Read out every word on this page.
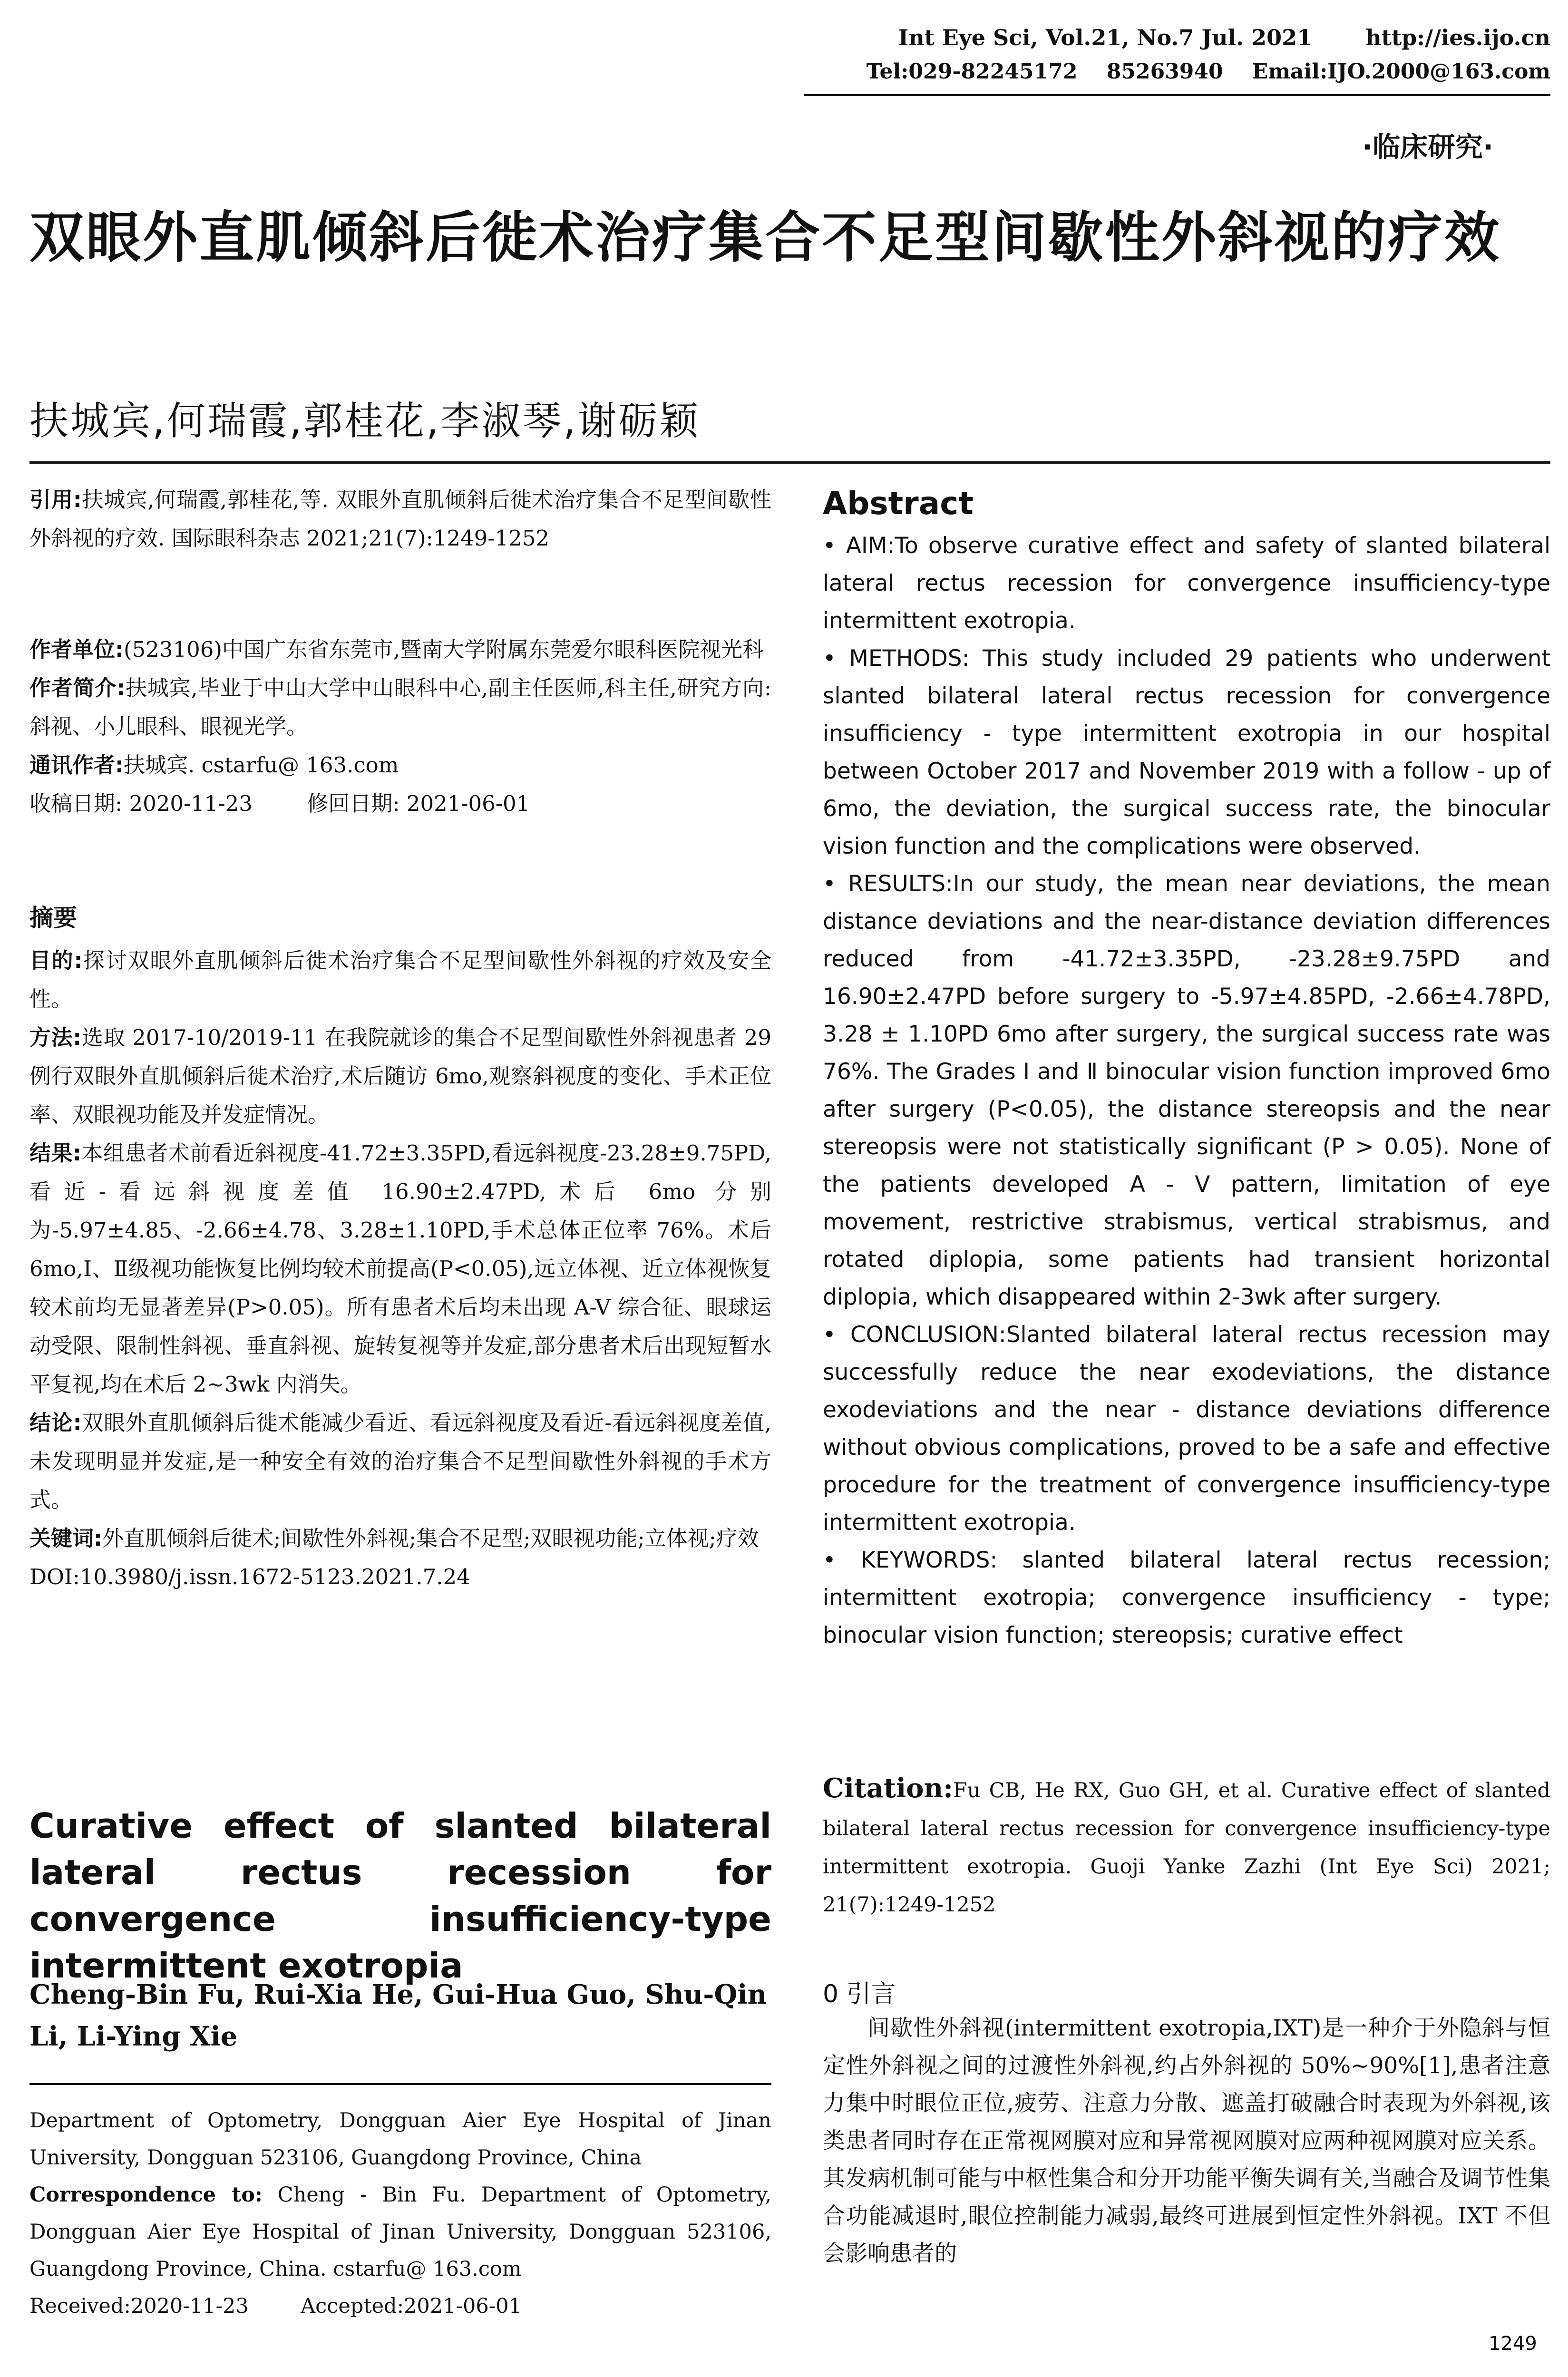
Int Eye Sci, Vol.21, No.7 Jul. 2021       http://ies.ijo.cn
Tel:029-82245172    85263940    Email:IJO.2000@163.com
·临床研究·
双眼外直肌倾斜后徙术治疗集合不足型间歇性外斜视的疗效
扶城宾,何瑞霞,郭桂花,李淑琴,谢砺颖
引用:扶城宾,何瑞霞,郭桂花,等. 双眼外直肌倾斜后徙术治疗集合不足型间歇性外斜视的疗效. 国际眼科杂志 2021;21(7):1249-1252

作者单位:(523106)中国广东省东莞市,暨南大学附属东莞爱尔眼科医院视光科

作者简介:扶城宾,毕业于中山大学中山眼科中心,副主任医师,科主任,研究方向:斜视、小儿眼科、眼视光学。

通讯作者:扶城宾. cstarfu@ 163.com

收稿日期: 2020-11-23        修回日期: 2021-06-01

摘要

目的:探讨双眼外直肌倾斜后徙术治疗集合不足型间歇性外斜视的疗效及安全性。

方法:选取 2017-10/2019-11 在我院就诊的集合不足型间歇性外斜视患者 29 例行双眼外直肌倾斜后徙术治疗,术后随访 6mo,观察斜视度的变化、手术正位率、双眼视功能及并发症情况。

结果:本组患者术前看近斜视度-41.72±3.35PD,看远斜视度-23.28±9.75PD,看近-看远斜视度差值 16.90±2.47PD,术后 6mo 分别为-5.97±4.85、-2.66±4.78、3.28±1.10PD,手术总体正位率 76%。术后 6mo,Ⅰ、Ⅱ级视功能恢复比例均较术前提高(P<0.05),远立体视、近立体视恢复较术前均无显著差异(P>0.05)。所有患者术后均未出现 A-V 综合征、眼球运动受限、限制性斜视、垂直斜视、旋转复视等并发症,部分患者术后出现短暂水平复视,均在术后 2~3wk 内消失。

结论:双眼外直肌倾斜后徙术能减少看近、看远斜视度及看近-看远斜视度差值,未发现明显并发症,是一种安全有效的治疗集合不足型间歇性外斜视的手术方式。

关键词:外直肌倾斜后徙术;间歇性外斜视;集合不足型;双眼视功能;立体视;疗效

DOI:10.3980/j.issn.1672-5123.2021.7.24

Curative effect of slanted bilateral lateral rectus recession for convergence insufficiency-type intermittent exotropia
Cheng-Bin Fu, Rui-Xia He, Gui-Hua Guo, Shu-Qin Li, Li-Ying Xie

Department of Optometry, Dongguan Aier Eye Hospital of Jinan University, Dongguan 523106, Guangdong Province, China

Correspondence to: Cheng - Bin Fu. Department of Optometry, Dongguan Aier Eye Hospital of Jinan University, Dongguan 523106, Guangdong Province, China. cstarfu@ 163.com

Received:2020-11-23        Accepted:2021-06-01

Abstract

• AIM:To observe curative effect and safety of slanted bilateral lateral rectus recession for convergence insufficiency-type intermittent exotropia.

• METHODS: This study included 29 patients who underwent slanted bilateral lateral rectus recession for convergence insufficiency - type intermittent exotropia in our hospital between October 2017 and November 2019 with a follow - up of 6mo, the deviation, the surgical success rate, the binocular vision function and the complications were observed.

• RESULTS:In our study, the mean near deviations, the mean distance deviations and the near-distance deviation differences reduced from -41.72±3.35PD, -23.28±9.75PD and 16.90±2.47PD before surgery to -5.97±4.85PD, -2.66±4.78PD, 3.28 ± 1.10PD 6mo after surgery, the surgical success rate was 76%. The Grades Ⅰ and Ⅱ binocular vision function improved 6mo after surgery (P<0.05), the distance stereopsis and the near stereopsis were not statistically significant (P > 0.05). None of the patients developed A - V pattern, limitation of eye movement, restrictive strabismus, vertical strabismus, and rotated diplopia, some patients had transient horizontal diplopia, which disappeared within 2-3wk after surgery.

• CONCLUSION:Slanted bilateral lateral rectus recession may successfully reduce the near exodeviations, the distance exodeviations and the near - distance deviations difference without obvious complications, proved to be a safe and effective procedure for the treatment of convergence insufficiency-type intermittent exotropia.

• KEYWORDS: slanted bilateral lateral rectus recession; intermittent exotropia; convergence insufficiency - type; binocular vision function; stereopsis; curative effect

Citation:Fu CB, He RX, Guo GH, et al. Curative effect of slanted bilateral lateral rectus recession for convergence insufficiency-type intermittent exotropia. Guoji Yanke Zazhi (Int Eye Sci) 2021; 21(7):1249-1252
0 引言

间歇性外斜视(intermittent exotropia,IXT)是一种介于外隐斜与恒定性外斜视之间的过渡性外斜视,约占外斜视的 50%~90%[1],患者注意力集中时眼位正位,疲劳、注意力分散、遮盖打破融合时表现为外斜视,该类患者同时存在正常视网膜对应和异常视网膜对应两种视网膜对应关系。其发病机制可能与中枢性集合和分开功能平衡失调有关,当融合及调节性集合功能减退时,眼位控制能力减弱,最终可进展到恒定性外斜视。IXT 不但会影响患者的

1249
